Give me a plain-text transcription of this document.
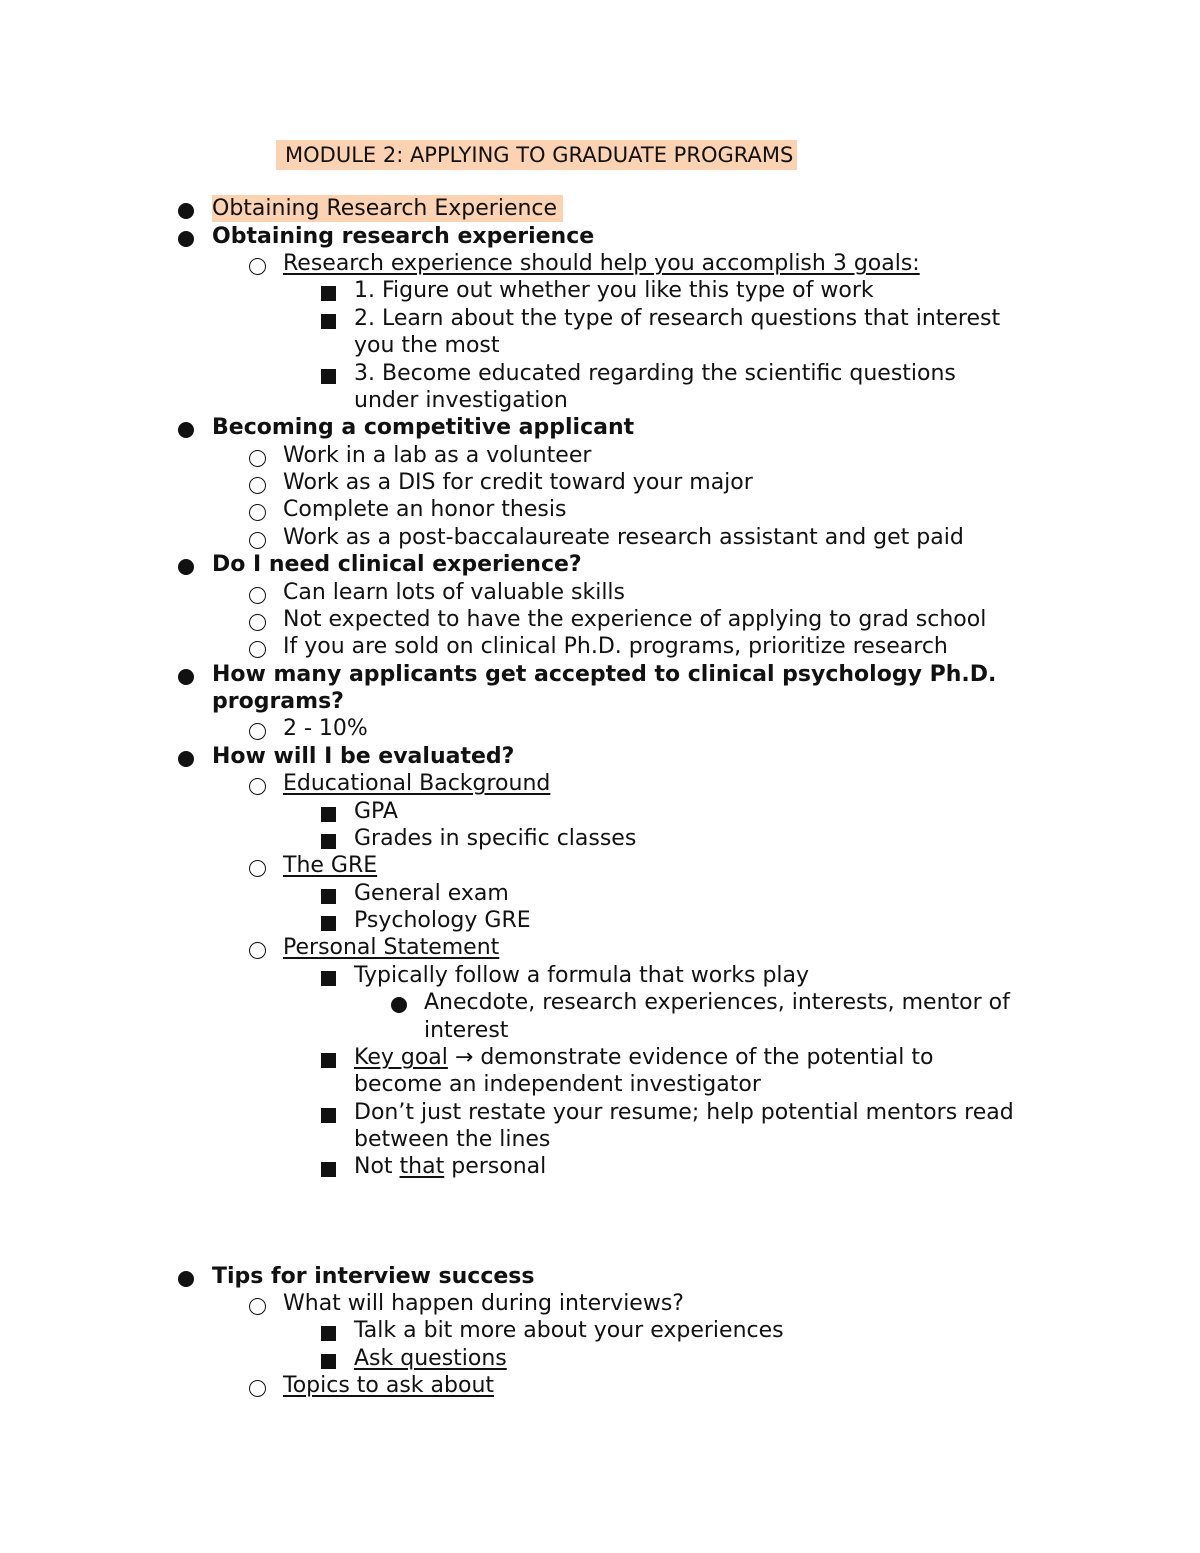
MODULE 2: APPLYING TO GRADUATE PROGRAMS
Obtaining Research Experience
Obtaining research experience
Research experience should help you accomplish 3 goals:
1. Figure out whether you like this type of work
2. Learn about the type of research questions that interest
you the most
3. Become educated regarding the scientific questions
under investigation
Becoming a competitive applicant
Work in a lab as a volunteer
Work as a DIS for credit toward your major
Complete an honor thesis
Work as a post-baccalaureate research assistant and get paid
Do I need clinical experience?
Can learn lots of valuable skills
Not expected to have the experience of applying to grad school
If you are sold on clinical Ph.D. programs, prioritize research
How many applicants get accepted to clinical psychology Ph.D.
programs?
2 - 10%
How will I be evaluated?
Educational Background
GPA
Grades in specific classes
The GRE
General exam
Psychology GRE
Personal Statement
Typically follow a formula that works play
Anecdote, research experiences, interests, mentor of
interest
Key goal → demonstrate evidence of the potential to
become an independent investigator
Don’t just restate your resume; help potential mentors read
between the lines
Not that personal
Tips for interview success
What will happen during interviews?
Talk a bit more about your experiences
Ask questions
Topics to ask about
